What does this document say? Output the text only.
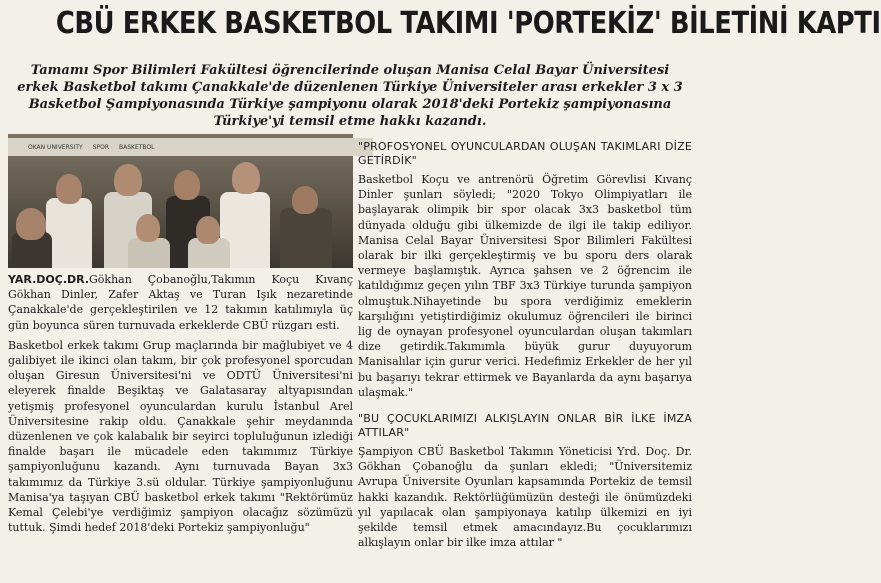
CBÜ ERKEK BASKETBOL TAKIMI 'PORTEKİZ' BİLETİNİ KAPTI

Tamamı Spor Bilimleri Fakültesi öğrencilerinde oluşan Manisa Celal Bayar Üniversitesi erkek Basketbol takımı Çanakkale'de düzenlenen Türkiye Üniversiteler arası erkekler 3 x 3 Basketbol Şampiyonasında Türkiye şampiyonu olarak 2018'deki Portekiz şampiyonasına Türkiye'yi temsil etme hakkı kazandı.

OKAN UNIVERSITY SPOR BASKETBOL

YAR.DOÇ.DR.Gökhan Çobanoğlu,Takımın Koçu Kıvanç Gökhan Dinler, Zafer Aktaş ve Turan Işık nezaretinde Çanakkale'de gerçekleştirilen ve 12 takımın katılımıyla üç gün boyunca süren turnuvada erkeklerde CBÜ rüzgarı esti.

Basketbol erkek takımı Grup maçlarında bir mağlubiyet ve 4 galibiyet ile ikinci olan takım, bir çok profesyonel sporcudan oluşan Giresun Üniversitesi'ni ve ODTÜ Üniversitesi'ni eleyerek finalde Beşiktaş ve Galatasaray altyapısından yetişmiş profesyonel oyunculardan kurulu İstanbul Arel Üniversitesine rakip oldu. Çanakkale şehir meydanında düzenlenen ve çok kalabalık bir seyirci topluluğunun izlediği finalde başarı ile mücadele eden takımımız Türkiye şampiyonluğunu kazandı. Aynı turnuvada Bayan 3x3 takımımız da Türkiye 3.sü oldular. Türkiye şampiyonluğunu Manisa'ya taşıyan CBÜ basketbol erkek takımı "Rektörümüz Kemal Çelebi'ye verdiğimiz şampiyon olacağız sözümüzü tuttuk. Şimdi hedef 2018'deki Portekiz şampiyonluğu"

"PROFOSYONEL OYUNCULARDAN OLUŞAN TAKIMLARI DİZE GETİRDİK"

Basketbol Koçu ve antrenörü Öğretim Görevlisi Kıvanç Dinler şunları söyledi; "2020 Tokyo Olimpiyatları ile başlayarak olimpik bir spor olacak 3x3 basketbol tüm dünyada olduğu gibi ülkemizde de ilgi ile takip ediliyor. Manisa Celal Bayar Üniversitesi Spor Bilimleri Fakültesi olarak bir ilki gerçekleştirmiş ve bu sporu ders olarak vermeye başlamıştık. Ayrıca şahsen ve 2 öğrencim ile katıldığımız geçen yılın TBF 3x3 Türkiye turunda şampiyon olmuştuk.Nihayetinde bu spora verdiğimiz emeklerin karşılığını yetiştirdiğimiz okulumuz öğrencileri ile birinci lig de oynayan profesyonel oyunculardan oluşan takımları dize getirdik.Takımımla büyük gurur duyuyorum Manisalılar için gurur verici. Hedefimiz Erkekler de her yıl bu başarıyı tekrar ettirmek ve Bayanlarda da aynı başarıya ulaşmak."

"BU ÇOCUKLARIMIZI ALKIŞLAYIN ONLAR BİR İLKE İMZA ATTILAR"

Şampiyon CBÜ Basketbol Takımın Yöneticisi Yrd. Doç. Dr. Gökhan Çobanoğlu da şunları ekledi; "Üniversitemiz Avrupa Üniversite Oyunları kapsamında Portekiz de temsil hakki kazandık. Rektörlüğümüzün desteği ile önümüzdeki yıl yapılacak olan şampiyonaya katılıp ülkemizi en iyi şekilde temsil etmek amacındayız.Bu çocuklarımızı alkışlayın onlar bir ilke imza attılar "
